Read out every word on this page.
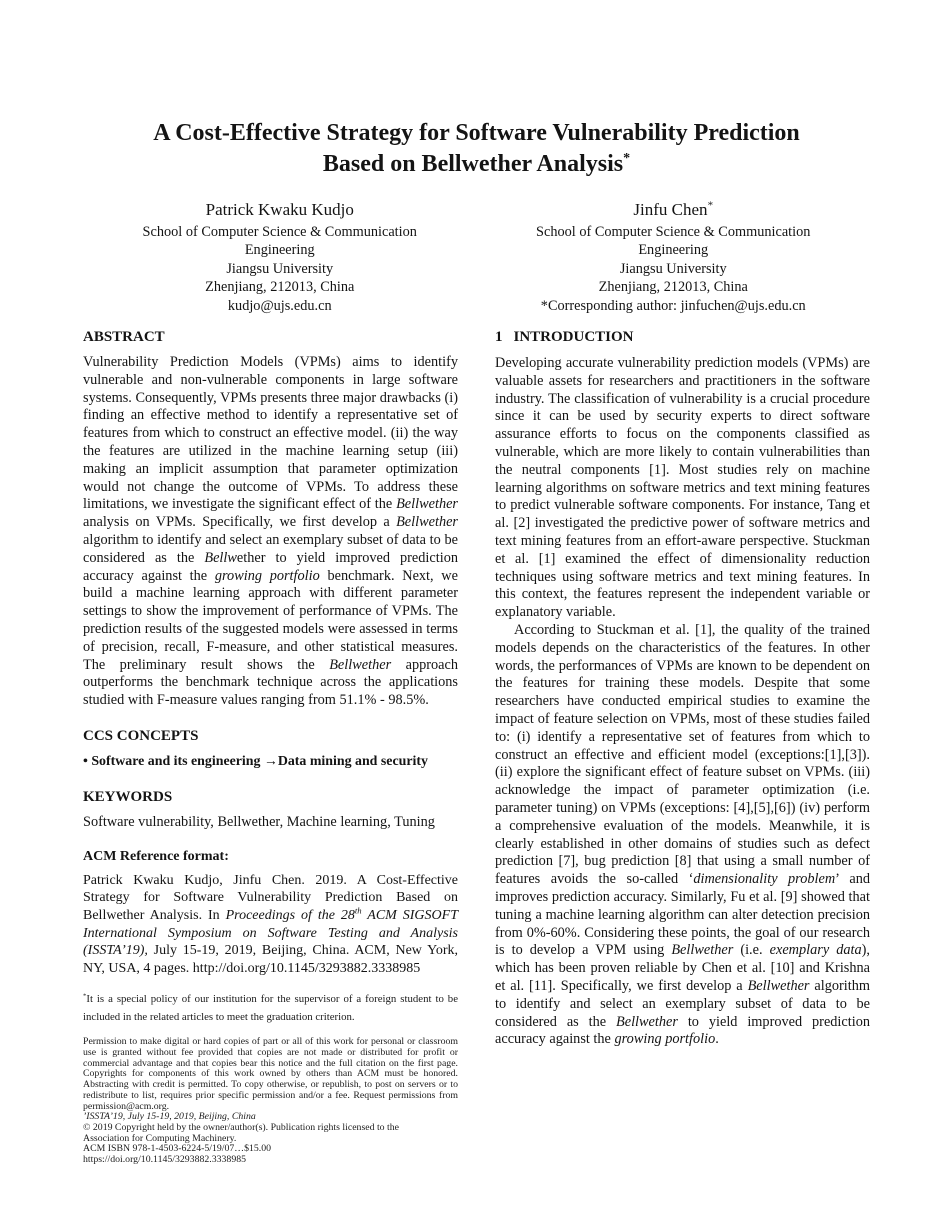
A Cost-Effective Strategy for Software Vulnerability Prediction
Based on Bellwether Analysis*
Patrick Kwaku Kudjo
School of Computer Science & Communication
Engineering
Jiangsu University
Zhenjiang, 212013, China
kudjo@ujs.edu.cn
Jinfu Chen*
School of Computer Science & Communication
Engineering
Jiangsu University
Zhenjiang, 212013, China
*Corresponding author: jinfuchen@ujs.edu.cn
ABSTRACT

Vulnerability Prediction Models (VPMs) aims to identify vulnerable and non-vulnerable components in large software systems. Consequently, VPMs presents three major drawbacks (i) finding an effective method to identify a representative set of features from which to construct an effective model. (ii) the way the features are utilized in the machine learning setup (iii) making an implicit assumption that parameter optimization would not change the outcome of VPMs. To address these limitations, we investigate the significant effect of the Bellwether analysis on VPMs. Specifically, we first develop a Bellwether algorithm to identify and select an exemplary subset of data to be considered as the Bellwether to yield improved prediction accuracy against the growing portfolio benchmark. Next, we build a machine learning approach with different parameter settings to show the improvement of performance of VPMs. The prediction results of the suggested models were assessed in terms of precision, recall, F-measure, and other statistical measures. The preliminary result shows the Bellwether approach outperforms the benchmark technique across the applications studied with F-measure values ranging from 51.1% - 98.5%.

CCS CONCEPTS

• Software and its engineering →Data mining and security

KEYWORDS

Software vulnerability, Bellwether, Machine learning, Tuning

ACM Reference format:

Patrick Kwaku Kudjo, Jinfu Chen. 2019. A Cost-Effective Strategy for Software Vulnerability Prediction Based on Bellwether Analysis. In Proceedings of the 28th ACM SIGSOFT International Symposium on Software Testing and Analysis (ISSTA’19), July 15-19, 2019, Beijing, China. ACM, New York, NY, USA, 4 pages. http://doi.org/10.1145/3293882.3338985

*It is a special policy of our institution for the supervisor of a foreign student to be included in the related articles to meet the graduation criterion.

Permission to make digital or hard copies of part or all of this work for personal or classroom use is granted without fee provided that copies are not made or distributed for profit or commercial advantage and that copies bear this notice and the full citation on the first page. Copyrights for components of this work owned by others than ACM must be honored. Abstracting with credit is permitted. To copy otherwise, or republish, to post on servers or to redistribute to list, requires prior specific permission and/or a fee. Request permissions from permission@acm.org.

’ISSTA’19, July 15-19, 2019, Beijing, China
© 2019 Copyright held by the owner/author(s). Publication rights licensed to the
Association for Computing Machinery.
ACM ISBN 978-1-4503-6224-5/19/07…$15.00
https://doi.org/10.1145/3293882.3338985
1 INTRODUCTION

Developing accurate vulnerability prediction models (VPMs) are valuable assets for researchers and practitioners in the software industry. The classification of vulnerability is a crucial procedure since it can be used by security experts to direct software assurance efforts to focus on the components classified as vulnerable, which are more likely to contain vulnerabilities than the neutral components [1]. Most studies rely on machine learning algorithms on software metrics and text mining features to predict vulnerable software components. For instance, Tang et al. [2] investigated the predictive power of software metrics and text mining features from an effort-aware perspective. Stuckman et al. [1] examined the effect of dimensionality reduction techniques using software metrics and text mining features. In this context, the features represent the independent variable or explanatory variable.

According to Stuckman et al. [1], the quality of the trained models depends on the characteristics of the features. In other words, the performances of VPMs are known to be dependent on the features for training these models. Despite that some researchers have conducted empirical studies to examine the impact of feature selection on VPMs, most of these studies failed to: (i) identify a representative set of features from which to construct an effective and efficient model (exceptions:[1],[3]). (ii) explore the significant effect of feature subset on VPMs. (iii) acknowledge the impact of parameter optimization (i.e. parameter tuning) on VPMs (exceptions: [4],[5],[6]) (iv) perform a comprehensive evaluation of the models. Meanwhile, it is clearly established in other domains of studies such as defect prediction [7], bug prediction [8] that using a small number of features avoids the so-called ‘dimensionality problem’ and improves prediction accuracy. Similarly, Fu et al. [9] showed that tuning a machine learning algorithm can alter detection precision from 0%-60%. Considering these points, the goal of our research is to develop a VPM using Bellwether (i.e. exemplary data), which has been proven reliable by Chen et al. [10] and Krishna et al. [11]. Specifically, we first develop a Bellwether algorithm to identify and select an exemplary subset of data to be considered as the Bellwether to yield improved prediction accuracy against the growing portfolio.
